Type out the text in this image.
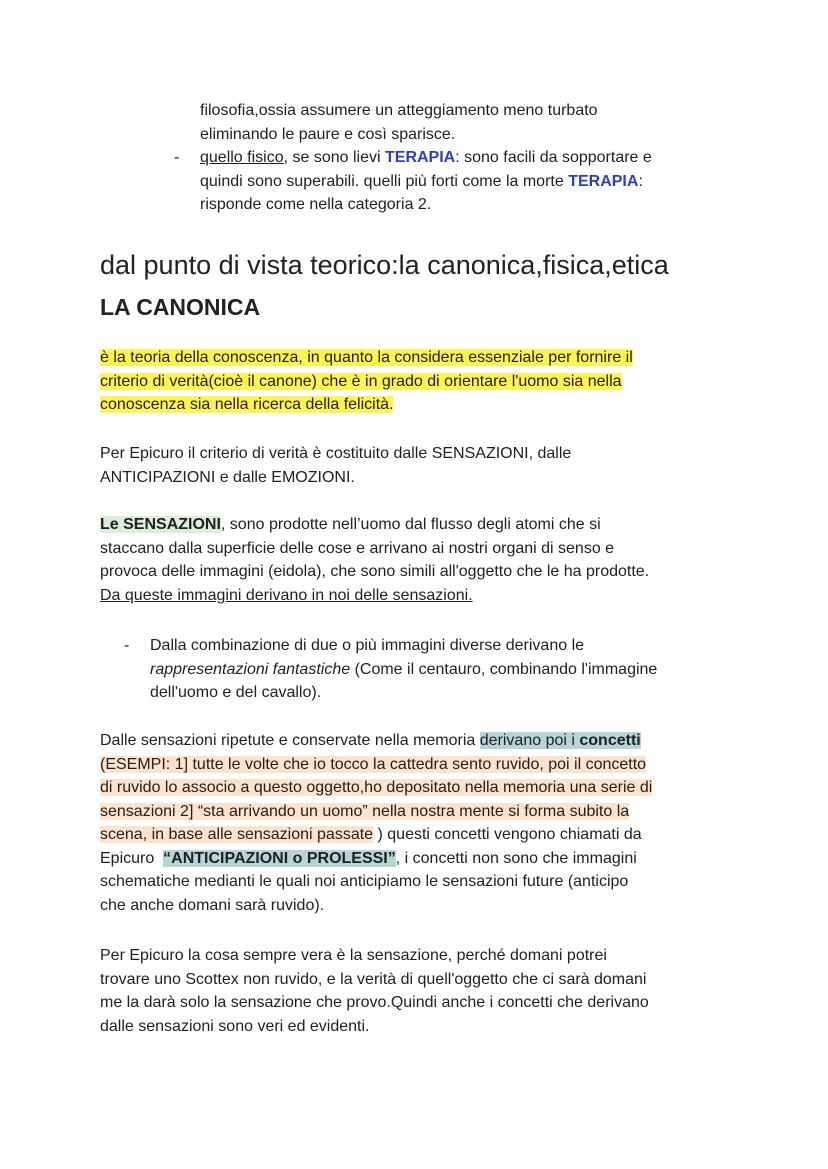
filosofia,ossia assumere un atteggiamento meno turbato
eliminando le paure e così sparisce.
- quello fisico, se sono lievi TERAPIA: sono facili da sopportare e
quindi sono superabili. quelli più forti come la morte TERAPIA:
risponde come nella categoria 2.
dal punto di vista teorico:la canonica,fisica,etica
LA CANONICA
è la teoria della conoscenza, in quanto la considera essenziale per fornire il
criterio di verità(cioè il canone) che è in grado di orientare l'uomo sia nella
conoscenza sia nella ricerca della felicità.
Per Epicuro il criterio di verità è costituito dalle SENSAZIONI, dalle
ANTICIPAZIONI e dalle EMOZIONI.
Le SENSAZIONI, sono prodotte nell’uomo dal flusso degli atomi che si
staccano dalla superficie delle cose e arrivano ai nostri organi di senso e
provoca delle immagini (eidola), che sono simili all'oggetto che le ha prodotte.
Da queste immagini derivano in noi delle sensazioni.
- Dalla combinazione di due o più immagini diverse derivano le
rappresentazioni fantastiche (Come il centauro, combinando l'immagine
dell'uomo e del cavallo).
Dalle sensazioni ripetute e conservate nella memoria derivano poi i concetti
(ESEMPI: 1] tutte le volte che io tocco la cattedra sento ruvido, poi il concetto
di ruvido lo associo a questo oggetto,ho depositato nella memoria una serie di
sensazioni 2] “sta arrivando un uomo” nella nostra mente si forma subito la
scena, in base alle sensazioni passate ) questi concetti vengono chiamati da
Epicuro  “ANTICIPAZIONI o PROLESSI”, i concetti non sono che immagini
schematiche medianti le quali noi anticipiamo le sensazioni future (anticipo
che anche domani sarà ruvido).
Per Epicuro la cosa sempre vera è la sensazione, perché domani potrei
trovare uno Scottex non ruvido, e la verità di quell'oggetto che ci sarà domani
me la darà solo la sensazione che provo.Quindi anche i concetti che derivano
dalle sensazioni sono veri ed evidenti.
